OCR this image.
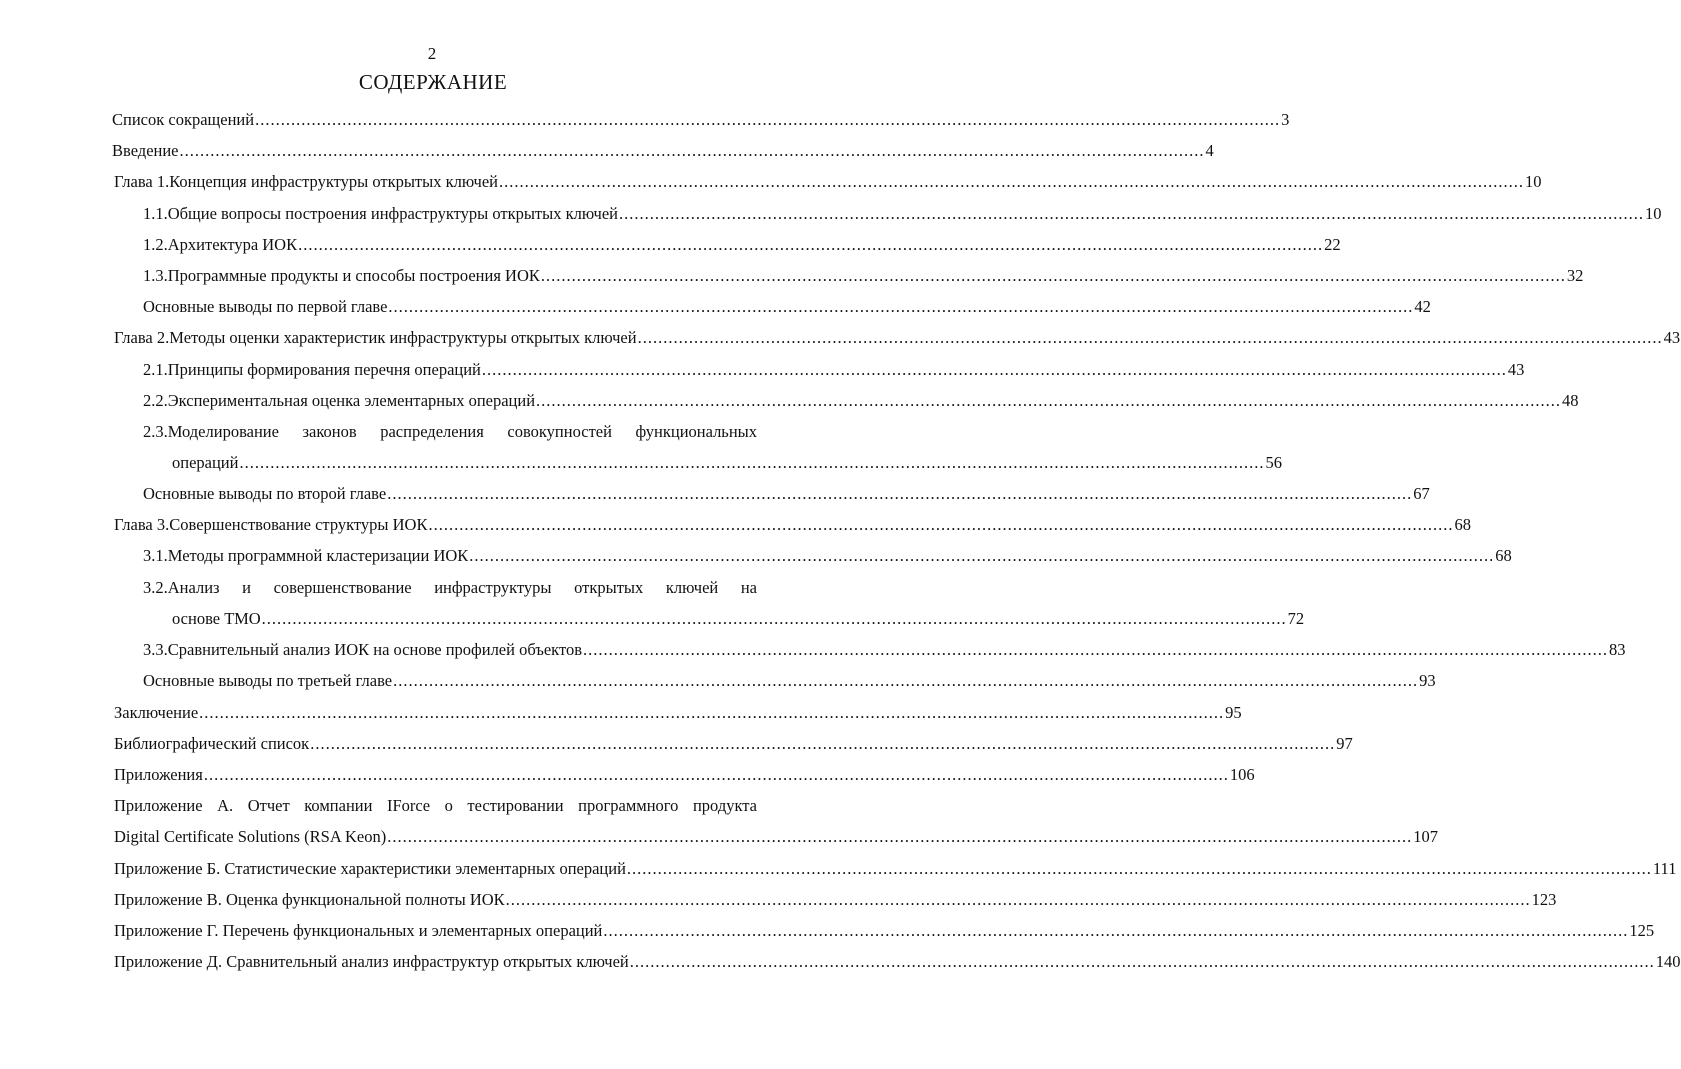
2
СОДЕРЖАНИЕ
Список сокращений ........................................................................................................................................................................................................ 3
Введение ........................................................................................................................................................................................................ 4
Глава 1.Концепция инфраструктуры открытых ключей ........................................................................................................................................................................................................ 10
1.1.Общие вопросы построения инфраструктуры открытых ключей ........................................................................................................................................................................................................ 10
1.2.Архитектура ИОК ........................................................................................................................................................................................................ 22
1.3.Программные продукты и способы построения ИОК ........................................................................................................................................................................................................ 32
Основные выводы по первой главе ........................................................................................................................................................................................................ 42
Глава 2.Методы оценки характеристик инфраструктуры открытых ключей ........................................................................................................................................................................................................ 43
2.1.Принципы формирования перечня операций ........................................................................................................................................................................................................ 43
2.2.Экспериментальная оценка элементарных операций ........................................................................................................................................................................................................ 48
2.3.Моделирование законов распределения совокупностей функциональных
операций ........................................................................................................................................................................................................ 56
Основные выводы по второй главе ........................................................................................................................................................................................................ 67
Глава 3.Совершенствование структуры ИОК ........................................................................................................................................................................................................ 68
3.1.Методы программной кластеризации ИОК ........................................................................................................................................................................................................ 68
3.2.Анализ и совершенствование инфраструктуры открытых ключей на
основе ТМО ........................................................................................................................................................................................................ 72
3.3.Сравнительный анализ ИОК на основе профилей объектов ........................................................................................................................................................................................................ 83
Основные выводы по третьей главе ........................................................................................................................................................................................................ 93
Заключение ........................................................................................................................................................................................................ 95
Библиографический список ........................................................................................................................................................................................................ 97
Приложения ........................................................................................................................................................................................................ 106
Приложение А. Отчет компании IForce о тестировании программного продукта
Digital Certificate Solutions (RSA Keon) ........................................................................................................................................................................................................ 107
Приложение Б. Статистические характеристики элементарных операций ........................................................................................................................................................................................................ 111
Приложение В. Оценка функциональной полноты ИОК ........................................................................................................................................................................................................ 123
Приложение Г. Перечень функциональных и элементарных операций ........................................................................................................................................................................................................ 125
Приложение Д. Сравнительный анализ инфраструктур открытых ключей ........................................................................................................................................................................................................ 140
